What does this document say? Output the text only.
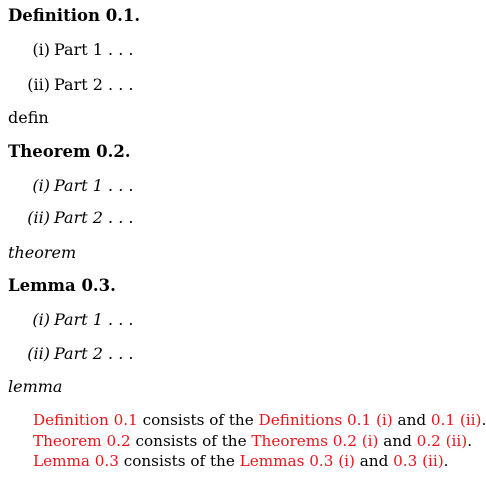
Definition 0.1.
(i) Part 1 . . .
(ii) Part 2 . . .
defin
Theorem 0.2.
(i) Part 1 . . .
(ii) Part 2 . . .
theorem
Lemma 0.3.
(i) Part 1 . . .
(ii) Part 2 . . .
lemma
Definition 0.1 consists of the Definitions 0.1 (i) and 0.1 (ii).
Theorem 0.2 consists of the Theorems 0.2 (i) and 0.2 (ii).
Lemma 0.3 consists of the Lemmas 0.3 (i) and 0.3 (ii).
